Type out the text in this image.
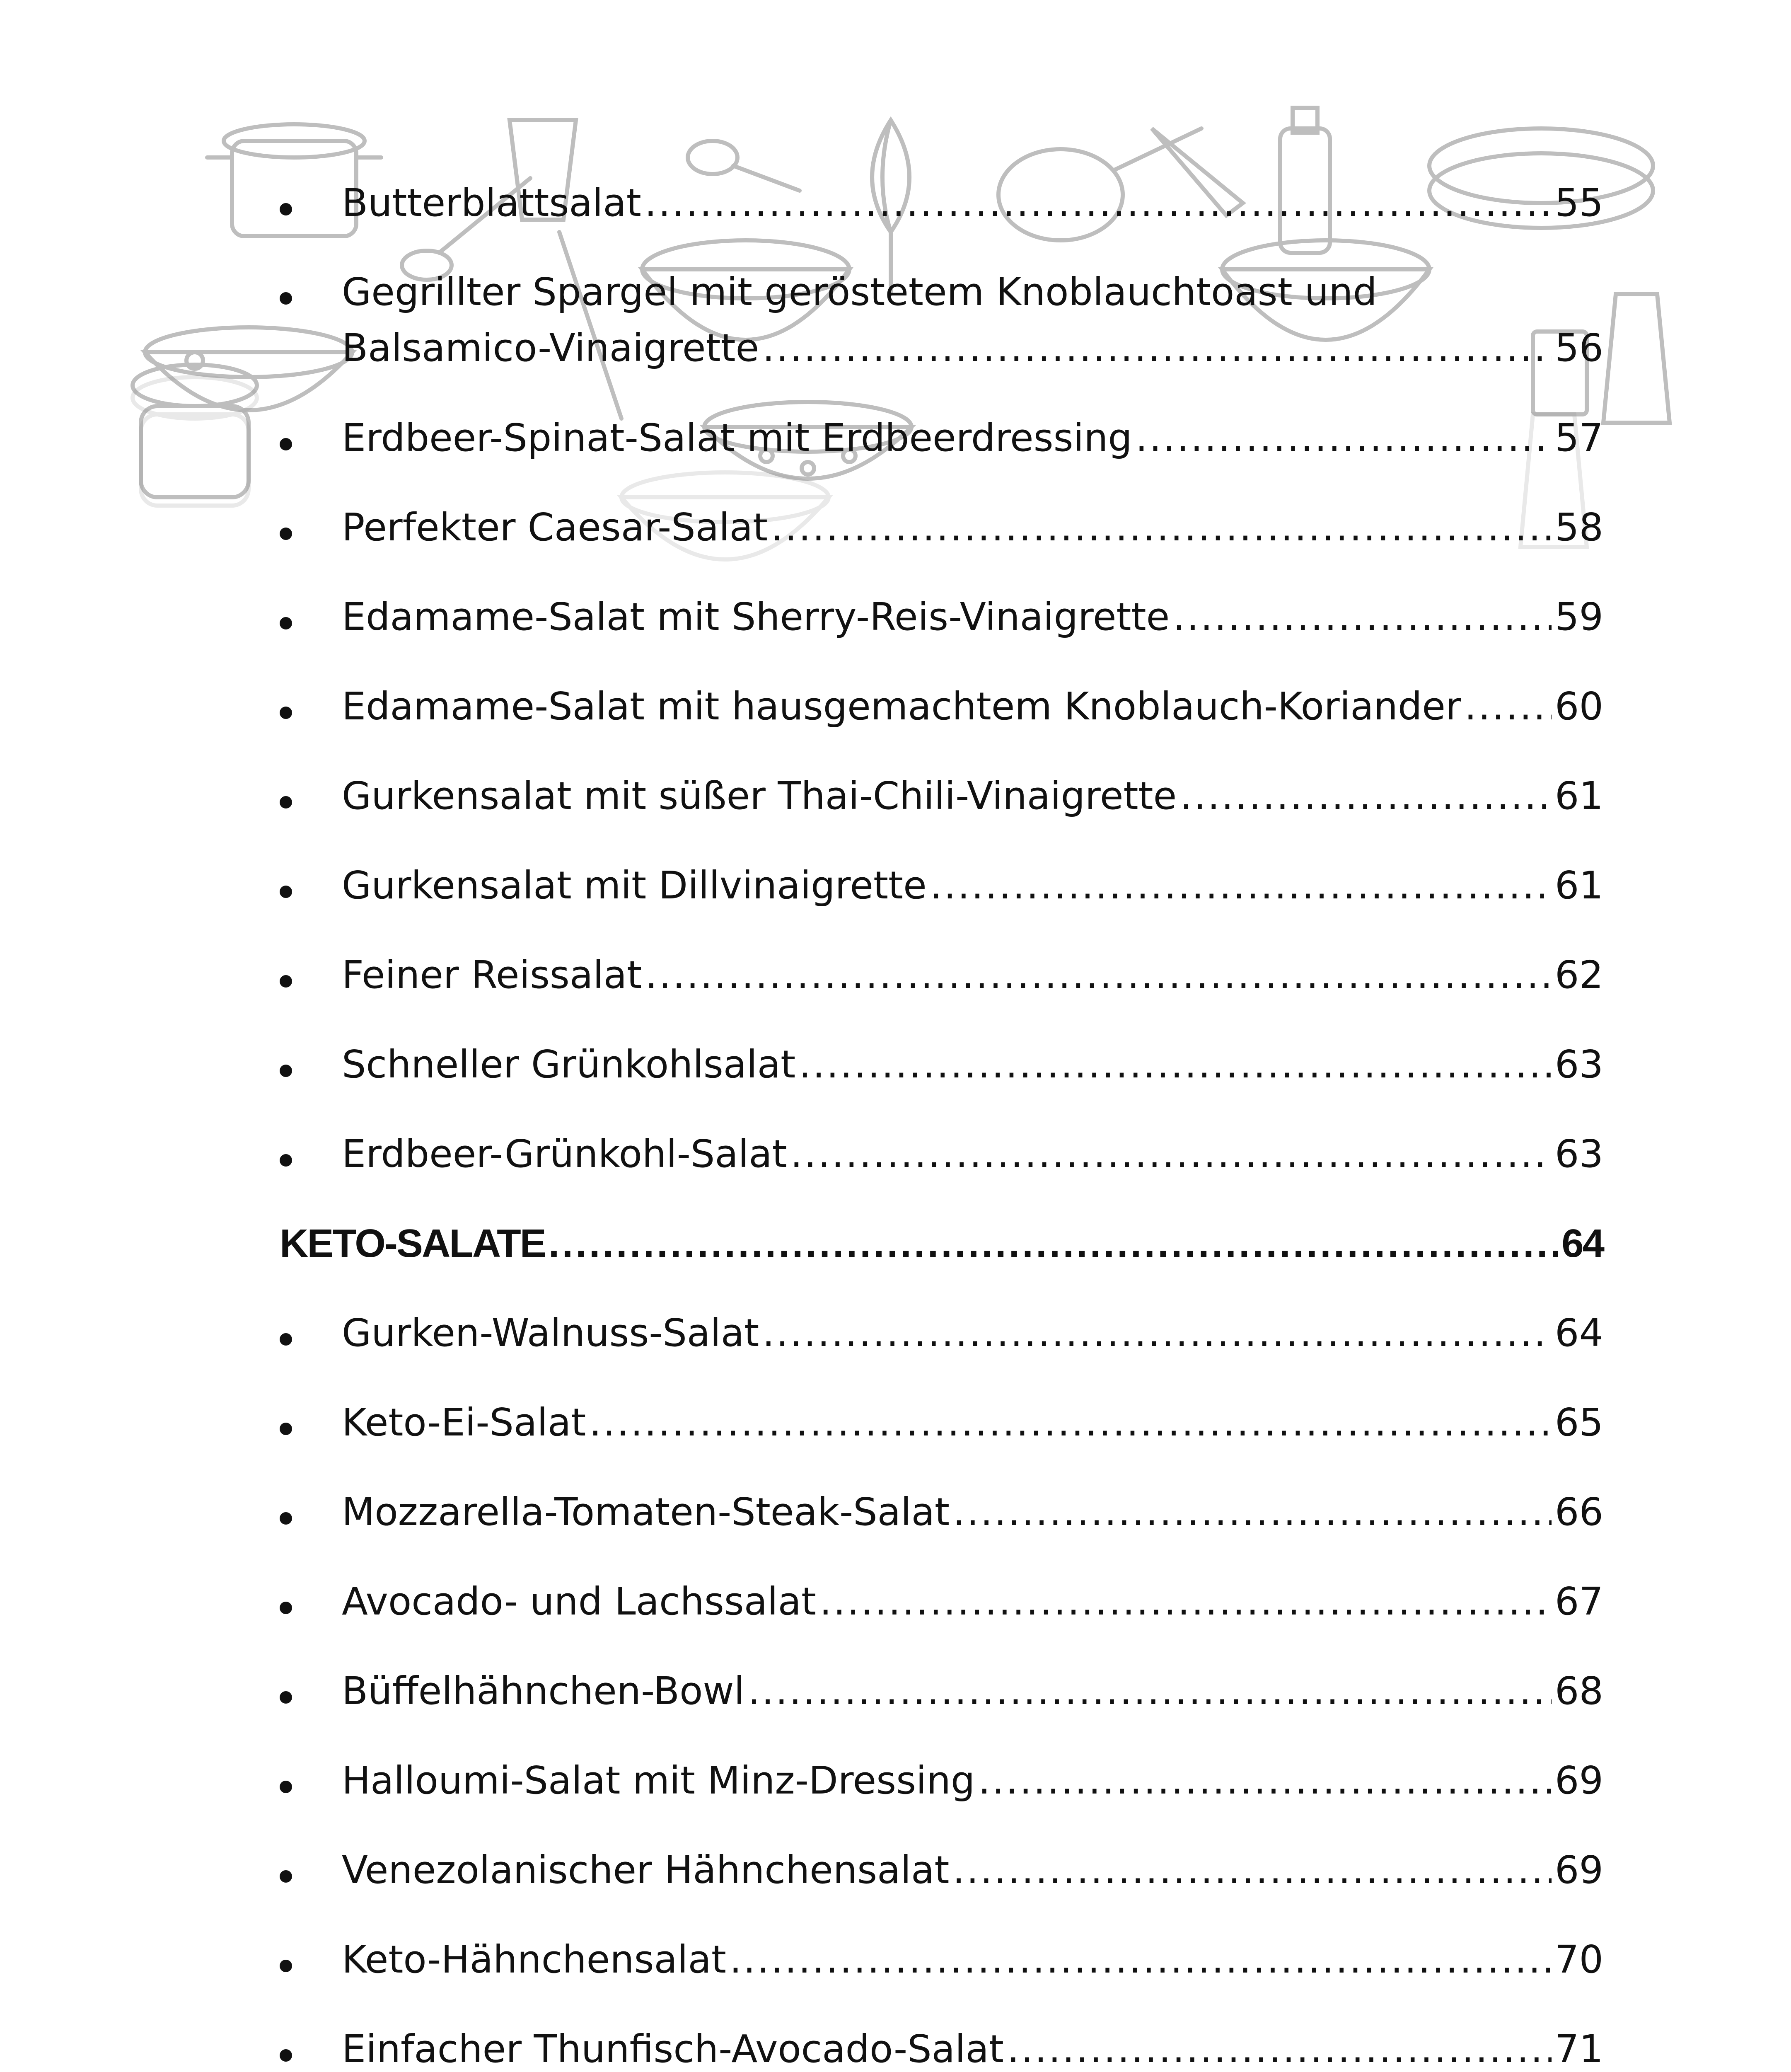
Butterblattsalat .....	55
Gegrillter Spargel mit geröstetem Knoblauchtoast und
Balsamico-Vinaigrette .....	56
Erdbeer-Spinat-Salat mit Erdbeerdressing .....	57
Perfekter Caesar-Salat .....	58
Edamame-Salat mit Sherry-Reis-Vinaigrette .....	59
Edamame-Salat mit hausgemachtem Knoblauch-Koriander ..... 60
Gurkensalat mit süßer Thai-Chili-Vinaigrette .....	61
Gurkensalat mit Dillvinaigrette .....	61
Feiner Reissalat .....	62
Schneller Grünkohlsalat .....	63
Erdbeer-Grünkohl-Salat .....	63
KETO-SALATE .....	64
Gurken-Walnuss-Salat .....	64
Keto-Ei-Salat .....	65
Mozzarella-Tomaten-Steak-Salat .....	66
Avocado- und Lachssalat .....	67
Büffelhähnchen-Bowl .....	68
Halloumi-Salat mit Minz-Dressing .....	69
Venezolanischer Hähnchensalat .....	69
Keto-Hähnchensalat .....	70
Einfacher Thunfisch-Avocado-Salat .....	71
